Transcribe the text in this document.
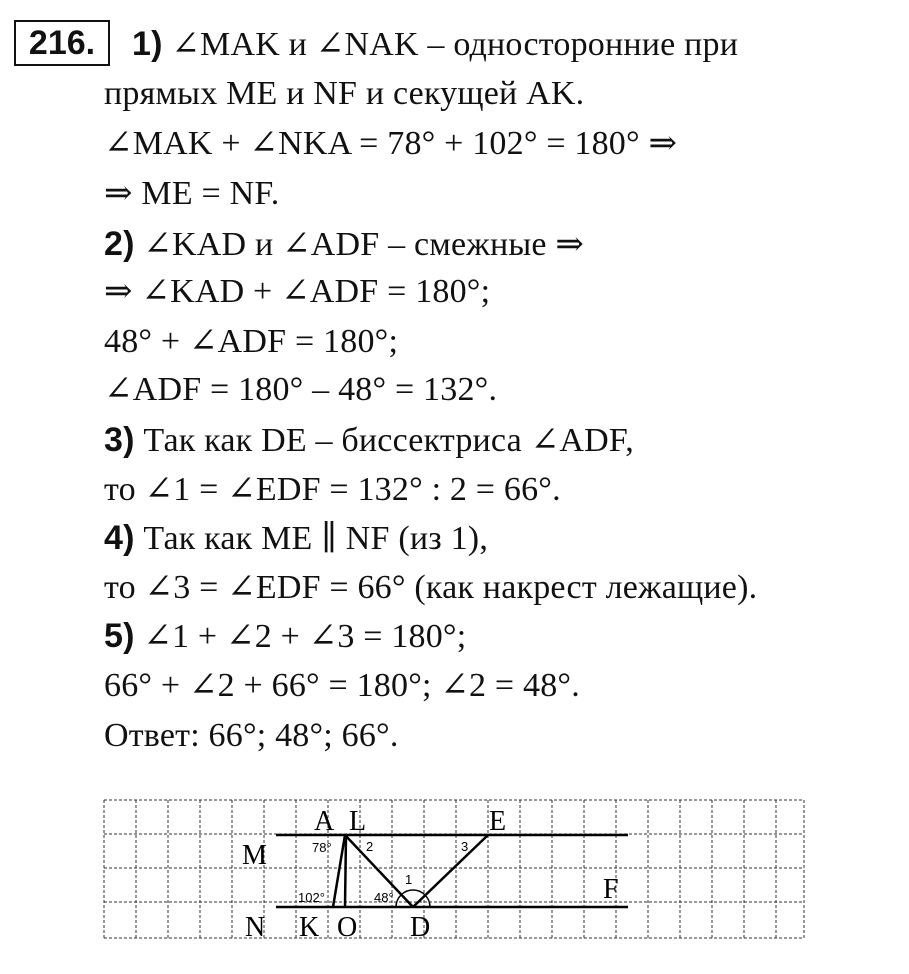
216.	1) ∠MAK и ∠NAK – односторонние при
прямых ME и NF и секущей AK.
∠MAK + ∠NKA = 78° + 102° = 180° ⇒
⇒ ME = NF.
2) ∠KAD и ∠ADF – смежные ⇒
⇒ ∠KAD + ∠ADF = 180°;
48° + ∠ADF = 180°;
∠ADF = 180° – 48° = 132°.
3) Так как DE – биссектриса ∠ADF,
то ∠1 = ∠EDF = 132° : 2 = 66°.
4) Так как ME ∥ NF (из 1),
то ∠3 = ∠EDF = 66° (как накрест лежащие).
5) ∠1 + ∠2 + ∠3 = 180°;
66° + ∠2 + 66° = 180°; ∠2 = 48°.
Ответ: 66°; 48°; 66°.
A L	E
M
N K O D
F
78°
102°	48°
1
2	3
